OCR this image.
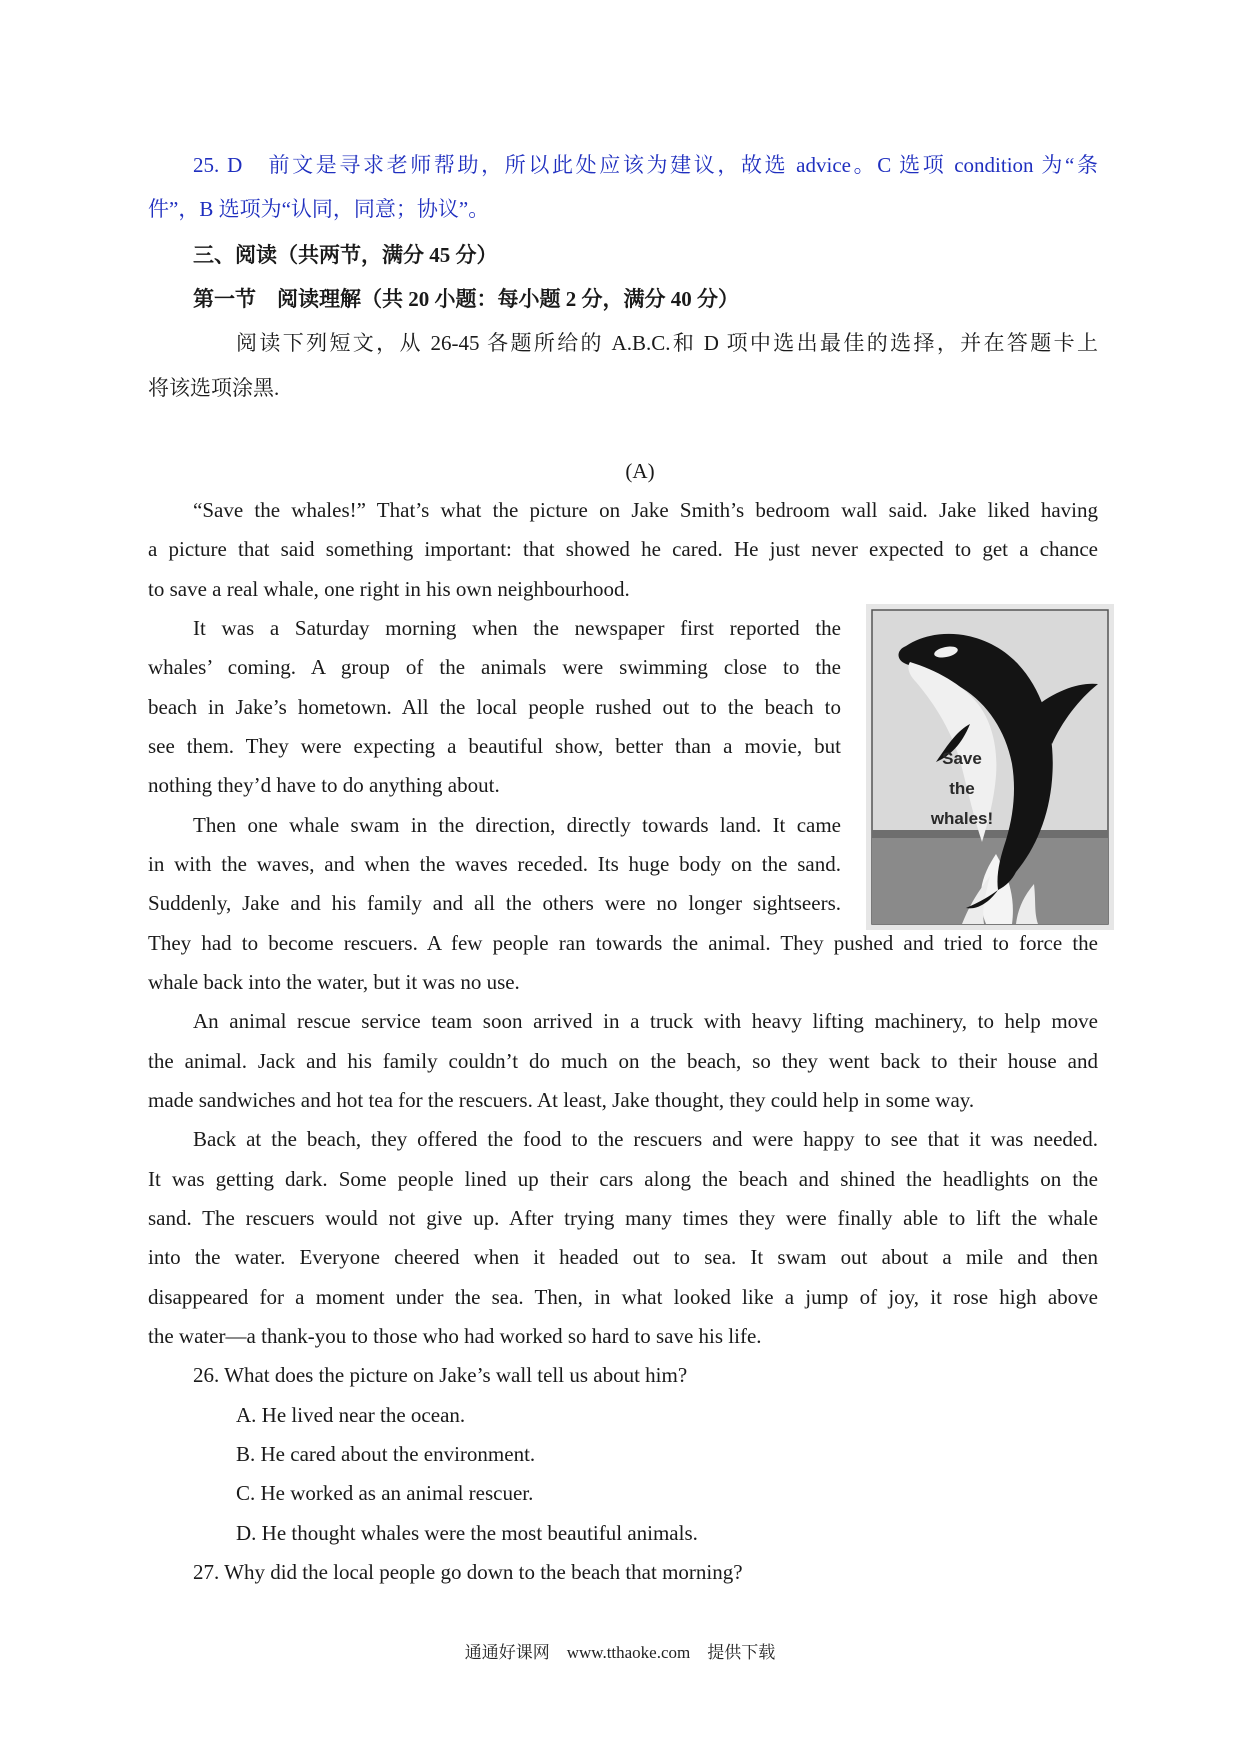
25. D　前文是寻求老师帮助，所以此处应该为建议，故选 advice。C 选项 condition 为“条
件”，B 选项为“认同，同意；协议”。
三、阅读（共两节，满分 45 分）
第一节　阅读理解（共 20 小题：每小题 2 分，满分 40 分）
阅读下列短文，从 26-45 各题所给的 A.B.C.和 D 项中选出最佳的选择，并在答题卡上
将该选项涂黑.
(A)
“Save the whales!” That’s what the picture on Jake Smith’s bedroom wall said. Jake liked having
a picture that said something important: that showed he cared. He just never expected to get a chance
to save a real whale, one right in his own neighbourhood.
It was a Saturday morning when the newspaper first reported the
whales’ coming. A group of the animals were swimming close to the
beach in Jake’s hometown. All the local people rushed out to the beach to
see them. They were expecting a beautiful show, better than a movie, but
nothing they’d have to do anything about.
Then one whale swam in the direction, directly towards land. It came
in with the waves, and when the waves receded. Its huge body on the sand.
Suddenly, Jake and his family and all the others were no longer sightseers.
They had to become rescuers. A few people ran towards the animal. They pushed and tried to force the
whale back into the water, but it was no use.
An animal rescue service team soon arrived in a truck with heavy lifting machinery, to help move
the animal. Jack and his family couldn’t do much on the beach, so they went back to their house and
made sandwiches and hot tea for the rescuers. At least, Jake thought, they could help in some way.
Back at the beach, they offered the food to the rescuers and were happy to see that it was needed.
It was getting dark. Some people lined up their cars along the beach and shined the headlights on the
sand. The rescuers would not give up. After trying many times they were finally able to lift the whale
into the water. Everyone cheered when it headed out to sea. It swam out about a mile and then
disappeared for a moment under the sea. Then, in what looked like a jump of joy, it rose high above
the water—a thank-you to those who had worked so hard to save his life.
26. What does the picture on Jake’s wall tell us about him?
A. He lived near the ocean.
B. He cared about the environment.
C. He worked as an animal rescuer.
D. He thought whales were the most beautiful animals.
27. Why did the local people go down to the beach that morning?
Save
the
whales!
通通好课网　www.tthaoke.com　提供下载
